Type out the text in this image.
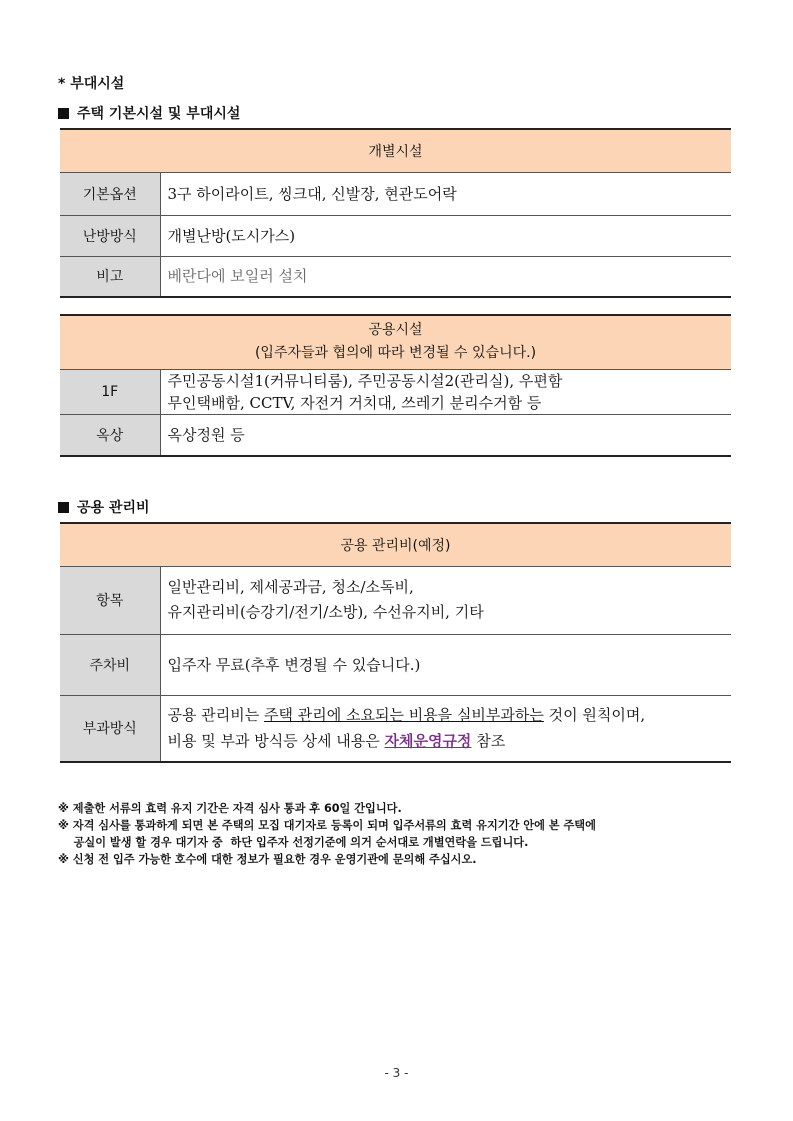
* 부대시설
주택 기본시설 및 부대시설
개별시설	
기본옵션	3구 하이라이트, 씽크대, 신발장, 현관도어락
난방방식	개별난방(도시가스)
비고	베란다에 보일러 설치
공용시설
(입주자들과 협의에 따라 변경될 수 있습니다.)	

1F	주민공동시설1(커뮤니티룸), 주민공동시설2(관리실), 우편함
무인택배함, CCTV, 자전거 거치대, 쓰레기 분리수거함 등

옥상	옥상정원 등
공용 관리비
공용 관리비(예정)	
항목	일반관리비, 제세공과금, 청소/소독비,
유지관리비(승강기/전기/소방), 수선유지비, 기타

주차비	입주자 무료(추후 변경될 수 있습니다.)
부과방식	공용 관리비는 주택 관리에 소요되는 비용을 실비부과하는 것이 원칙이며,
비용 및 부과 방식등 상세 내용은 자체운영규정 참조
※ 제출한 서류의 효력 유지 기간은 자격 심사 통과 후 60일 간입니다.
※ 자격 심사를 통과하게 되면 본 주택의 모집 대기자로 등록이 되며 입주서류의 효력 유지기간 안에 본 주택에
공실이 발생 할 경우 대기자 중  하단 입주자 선정기준에 의거 순서대로 개별연락을 드립니다.
※ 신청 전 입주 가능한 호수에 대한 정보가 필요한 경우 운영기관에 문의해 주십시오.
- 3 -
